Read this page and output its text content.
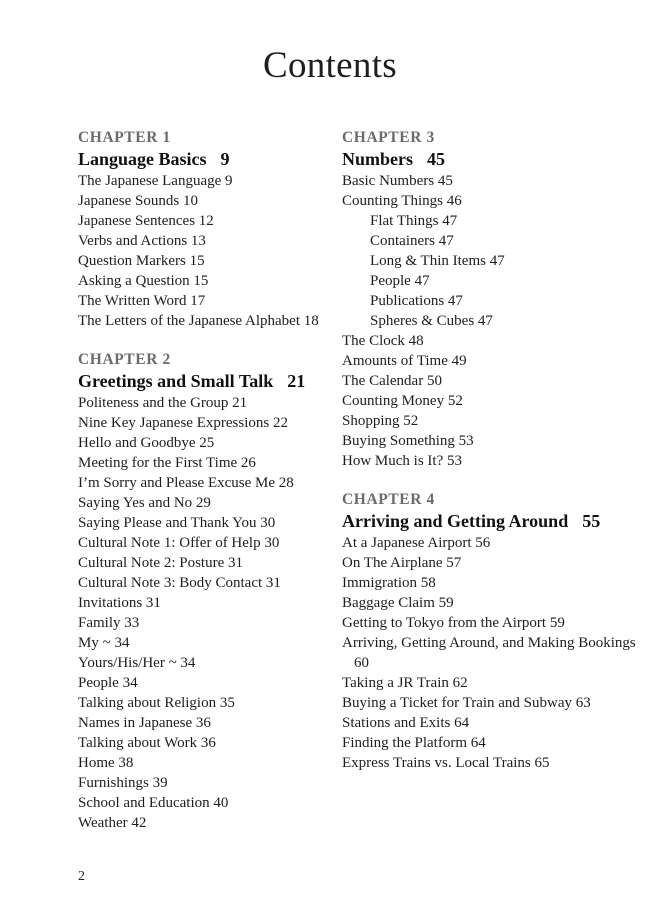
Contents
CHAPTER 1
Language Basics 9
The Japanese Language 9
Japanese Sounds 10
Japanese Sentences 12
Verbs and Actions 13
Question Markers 15
Asking a Question 15
The Written Word 17
The Letters of the Japanese Alphabet 18
CHAPTER 2
Greetings and Small Talk 21
Politeness and the Group 21
Nine Key Japanese Expressions 22
Hello and Goodbye 25
Meeting for the First Time 26
I’m Sorry and Please Excuse Me 28
Saying Yes and No 29
Saying Please and Thank You 30
Cultural Note 1: Offer of Help 30
Cultural Note 2: Posture 31
Cultural Note 3: Body Contact 31
Invitations 31
Family 33
My ~ 34
Yours/His/Her ~ 34
People 34
Talking about Religion 35
Names in Japanese 36
Talking about Work 36
Home 38
Furnishings 39
School and Education 40
Weather 42
CHAPTER 3
Numbers 45
Basic Numbers 45
Counting Things 46
Flat Things 47
Containers 47
Long & Thin Items 47
People 47
Publications 47
Spheres & Cubes 47
The Clock 48
Amounts of Time 49
The Calendar 50
Counting Money 52
Shopping 52
Buying Something 53
How Much is It? 53
CHAPTER 4
Arriving and Getting Around 55
At a Japanese Airport 56
On The Airplane 57
Immigration 58
Baggage Claim 59
Getting to Tokyo from the Airport 59
Arriving, Getting Around, and Making Bookings 60
Taking a JR Train 62
Buying a Ticket for Train and Subway 63
Stations and Exits 64
Finding the Platform 64
Express Trains vs. Local Trains 65
2
